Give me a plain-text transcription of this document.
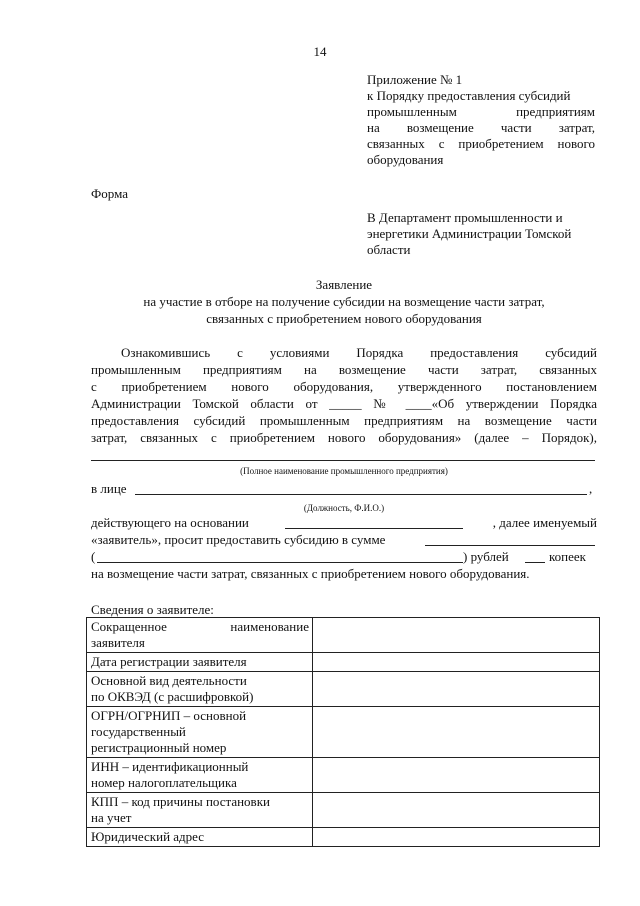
14
Приложение № 1
к Порядку предоставления субсидий
промышленным предприятиям
на возмещение части затрат,
связанных с приобретением нового
оборудования
Форма
В Департамент промышленности и
энергетики Администрации Томской
области
Заявление
на участие в отборе на получение субсидии на возмещение части затрат,
связанных с приобретением нового оборудования
Ознакомившись с условиями Порядка предоставления субсидий
промышленным предприятиям на возмещение части затрат, связанных
с приобретением нового оборудования, утвержденного постановлением
Администрации Томской области от _____ № ____«Об утверждении Порядка
предоставления субсидий промышленным предприятиям на возмещение части
затрат, связанных с приобретением нового оборудования» (далее – Порядок),
(Полное наименование промышленного предприятия)
в лице	,
(Должность, Ф.И.О.)
действующего на основании	, далее именуемый
«заявитель», просит предоставить субсидию в сумме
(	) рублей	копеек
на возмещение части затрат, связанных с приобретением нового оборудования.
Сведения о заявителе:
Сокращенное наименование
заявителя	

Дата регистрации заявителя	

Основной вид деятельности
по ОКВЭД (с расшифровкой)	

ОГРН/ОГРНИП – основной
государственный
регистрационный номер	

ИНН – идентификационный
номер налогоплательщика	

КПП – код причины постановки
на учет	

Юридический адрес	
